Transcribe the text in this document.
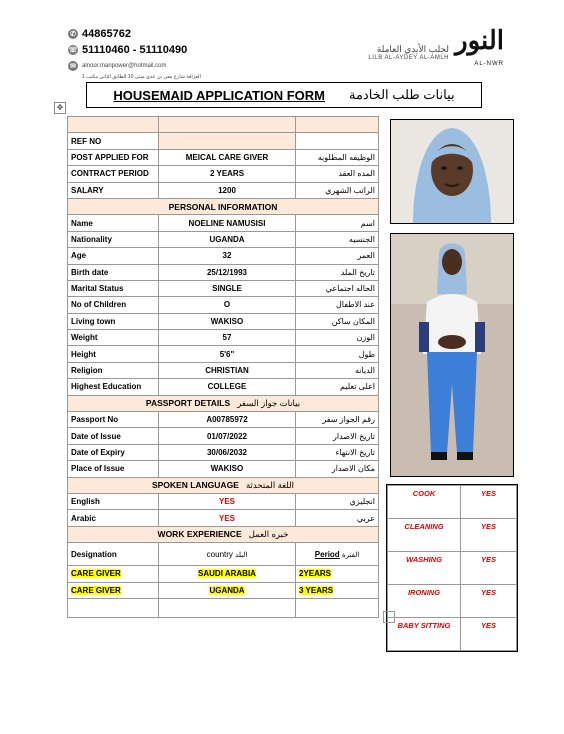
✆ 44865762
☏ 51110460 - 51110490
✉	alnoor.manpower@hotmail.com
الغرافة شارع معن بن عدي مبنى 10 الطابق الثاني مكتب 1
لجلب الأيدي العاملة
LILB AL-AYDEY AL-AMLH
النور
AL-NWR
HOUSEMAID APPLICATION FORM بيانات طلب الخادمة
✥

REF NO		
POST APPLIED FOR	MEICAL CARE GIVER	الوظيفه المطلوبه
CONTRACT PERIOD	2 YEARS	المده العقد
SALARY	1200	الراتب الشهري
PERSONAL INFORMATION		
Name	NOELINE NAMUSISI	اسم
Nationality	UGANDA	الجنسيه
Age	32	العمر
Birth date	25/12/1993	تاريخ الملد
Marital Status	SINGLE	الحاله اجتماعي
No of Children	O	عند الاطفال
Living town	WAKISO	المكان ساكن
Weight	57	الوزن
Height	5'6"	طول
Religion	CHRISTIAN	الديانه
Highest Education	COLLEGE	اعلى تعليم
PASSPORT DETAILS بيانات جواز السفر		
Passport No	A00785972	رقم الجواز سفر
Date of Issue	01/07/2022	تاريخ الاصدار
Date of Expiry	30/06/2032	تاريخ الانتهاء
Place of Issue	WAKISO	مكان الاصدار
SPOKEN LANGUAGE اللغة المتحدثة		
English	YES	انجليزي
Arabic	YES	عربي
WORK EXPERIENCE خبره العمل		
Designation	country البلد	Period الفترة
CARE GIVER	SAUDI ARABIA	2YEARS
CARE GIVER	UGANDA	3 YEARS

COOK	YES
CLEANING	YES
WASHING	YES
IRONING	YES
BABY SITTING	YES
